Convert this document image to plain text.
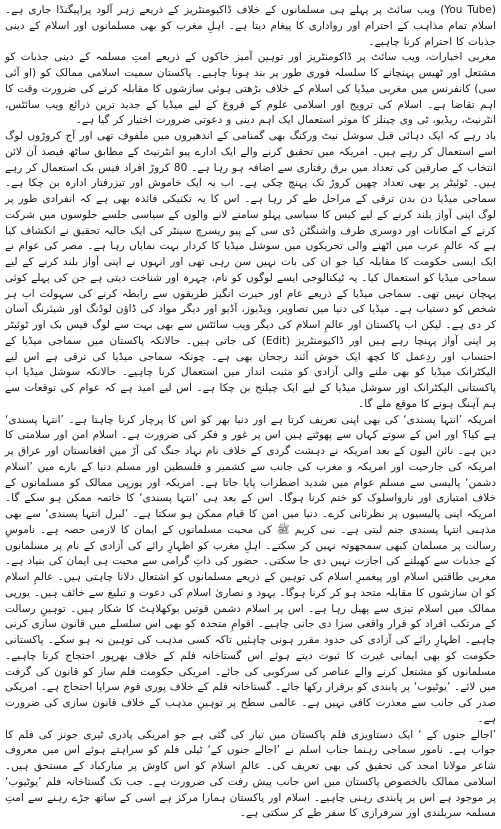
(You Tube) ویب سائٹ پر پہلے ہی مسلمانوں کے خلاف ڈاکیومنٹریز کے ذریعے زہر آلود پراپیگنڈا جاری ہے۔ اسلام تمام مذاہب کے احترام اور رواداری کا پیغام دیتا ہے۔ اہلِ مغرب کو بھی مسلمانوں اور اسلام کے دینی جذبات کا احترام کرنا چاہیے۔

مغربی اخبارات، ویب سائٹ پر ڈاکومنٹریز اور توہین آمیز خاکوں کے ذریعے امتِ مسلمہ کے دینی جذبات کو مشتعل اور ٹھیس پہنچانے کا سلسلہ فوری طور پر بند ہونا چاہیے۔ پاکستان سمیت اسلامی ممالک کو (او آئی سی) کانفرنس میں مغربی میڈیا کی اسلام کے خلاف بڑھتی ہوئی سازشوں کا مقابلہ کرنے کی ضرورت وقت کا اہم تقاضا ہے۔ اسلام کی ترویج اور اسلامی علوم کے فروغ کے لیے میڈیا کے جدید ترین ذرائع ویب سائٹس، انٹرنیٹ، ریڈیو، ٹی وی چینلز کا موثر استعمال ایک اہم دینی و دعوتی ضرورت اختیار کر گیا ہے۔

یاد رہے کہ ایک دہائی قبل سوشل نیٹ ورکنگ بھی گمنامی کے اندھیروں میں ملفوف تھی اور آج کروڑوں لوگ اسے استعمال کر رہے ہیں۔ امریکہ میں تحقیق کرنے والے ایک ادارے پیو انٹرنیٹ کے مطابق ساٹھ فیصد آن لائن انتخاب کے صارفین کی تعداد میں برق رفتاری سے اضافہ ہو رہا ہے۔ 80 کروڑ افراد فیس بک استعمال کر رہے ہیں۔ ٹوئیٹر پر بھی تعداد چھپن کروڑ تک پہنچ چکی ہے۔ اب یہ ایک خاموش اور تیزرفتار ادارہ بن چکا ہے۔ سماجی میڈیا دن بدن ترقی کے مراحل طے کر رہا ہے۔ اس کا یہ تکنیکی فائدہ بھی ہے کہ انفرادی طور پر لوگ اپنی آواز بلند کرنے کے لیے کیس کا سیاسی پہلو سامنے لانے والوں کے سیاسی جلسے جلوسوں میں شرکت کرنے کے امکانات اور دوسری طرف واشنگٹن ڈی سی کے پیو ریسرچ سینٹر کی ایک حالیہ تحقیق نے انکشاف کیا ہے کہ عالمِ عرب میں اٹھنے والی تحریکوں میں سوشل میڈیا کا کردار بہت نمایاں رہا ہے۔ مصر کی عوام نے ایک ایسی حکومت کا مقابلہ کیا جو ان کی بات نہیں سن رہی تھی اور انہوں نے اپنی آواز بلند کرنے کے لیے سماجی میڈیا کو استعمال کیا۔ یہ ٹیکنالوجی ایسے لوگوں کو نام، چہرہ اور شناخت دیتی ہے جن کی پہلے کوئی پہچان نہیں تھی۔ سماجی میڈیا کے ذریعے عام اور حیرت انگیز طریقوں سے رابطہ کرنے کی سہولت اب ہر شخص کو دستیاب ہے۔ میڈیا کی دنیا میں تصاویر، ویڈیوز، آڈیو اور دیگر مواد کی ڈاؤن لوڈنگ اور شیئرنگ آسان کر دی ہے۔ لیکن اب پاکستان اور عالمِ اسلام کی دیگر ویب سائٹس سے بھی بہت سے لوگ فیس بک اور ٹوئیٹر پر اپنی آواز پہنچا رہے ہیں اور ڈاکیومنٹریز (Edit) کی جاتی ہیں۔ حالانکہ پاکستان میں سماجی میڈیا کے احتساب اور ردِعمل کا کچھ ایک خوش آئند رجحان بھی ہے۔ چونکہ سماجی میڈیا کی ترقی ہے اس لیے الیکٹرانک میڈیا کو بھی ملنے والی آزادی کو مثبت انداز میں استعمال کرنا چاہیے۔ حالانکہ سوشل میڈیا اب پاکستانی الیکٹرانک اور سوشل میڈیا کے لیے ایک چیلنج بن چکا ہے۔ اس لیے امید ہے کہ عوام کی توقعات سے ہم آہنگ ہونے کا موقع ملے گا۔

امریکہ ’انتہا پسندی‘ کی بھی اپنی تعریف کرتا ہے اور دنیا بھر کو اس کا پرچار کرنا چاہتا ہے۔ ’انتہا پسندی‘ ہے کیا؟ اور اس کے سوتے کہاں سے پھوٹتے ہیں اس پر غور و فکر کی ضرورت ہے۔ اسلام امن اور سلامتی کا دین ہے۔ نائن الیون کے بعد امریکہ نے دہشت گردی کے خلاف نام نہاد جنگ کی آڑ میں افغانستان اور عراق پر امریکہ کی جارحیت اور امریکہ و مغرب کی جانب سے کشمیر و فلسطین اور مسلم دنیا کے بارے میں ’اسلام دشمن‘ پالیسی سے مسلم عوام میں شدید اضطراب پایا جاتا ہے۔ امریکہ اور یورپی ممالک کو مسلمانوں کے خلاف امتیازی اور نارواسلوک کو ختم کرنا ہوگا۔ اس کے بعد ہی ’انتہا پسندی‘ کا خاتمہ ممکن ہو سکے گا۔ امریکہ اپنی پالیسیوں پر نظرثانی کرے۔ دنیا میں امن کا قیام ممکن ہو سکتا ہے۔ ’لبرل انتہا پسندی‘ سے بھی مذہبی انتہا پسندی جنم لیتی ہے۔ نبی کریم ﷺ کی محبت مسلمانوں کے ایمان کا لازمی حصہ ہے۔ ناموسِ رسالت پر مسلمان کبھی سمجھوتہ نہیں کر سکتے۔ اہلِ مغرب کو اظہارِ رائے کی آزادی کے نام پر مسلمانوں کے جذبات سے کھیلنے کی اجازت نہیں دی جا سکتی۔ حضور کی ذاتِ گرامی سے محبت ہی ایمان کی بنیاد ہے۔ مغربی طاقتیں اسلام اور پیغمبرِ اسلام کی توہین کے ذریعے مسلمانوں کو اشتعال دلانا چاہتی ہیں۔ عالمِ اسلام کو ان سازشوں کا مقابلہ متحد ہو کر کرنا ہوگا۔ یہود و نصاریٰ اسلام کی دعوت و تبلیغ سے خائف ہیں۔ یورپی ممالک میں اسلام تیزی سے پھیل رہا ہے۔ اس پر اسلام دشمن قوتیں بوکھلاہٹ کا شکار ہیں۔ توہینِ رسالت کے مرتکب افراد کو قرار واقعی سزا دی جانی چاہیے۔ اقوامِ متحدہ کو بھی اس سلسلے میں قانون سازی کرنی چاہیے۔ اظہارِ رائے کی آزادی کی حدود مقرر ہونی چاہئیں تاکہ کسی مذہب کی توہین نہ ہو سکے۔ پاکستانی حکومت کو بھی ایمانی غیرت کا ثبوت دیتے ہوئے اس گستاخانہ فلم کے خلاف بھرپور احتجاج کرنا چاہیے۔ مسلمانوں کو مشتعل کرنے والے عناصر کی سرکوبی کی جائے۔ امریکی حکومت فلم ساز کو قانون کی گرفت میں لائے۔ ’یوٹیوب‘ پر پابندی کو برقرار رکھا جائے۔ گستاخانہ فلم کے خلاف پوری قوم سراپا احتجاج ہے۔ امریکی صدر کی جانب سے معذرت کافی نہیں ہے۔ عالمی سطح پر توہینِ مذہب کے خلاف قانون سازی کی ضرورت ہے۔

’اجالے جنوں کے ‘ ایک دستاویزی فلم پاکستان میں تیار کی گئی ہے جو امریکی پادری ٹیری جونز کی فلم کا جواب ہے۔ نامور سماجی رہنما جناب اسلم نے ’اجالے جنوں کے‘ ٹیلی فلم کو سراہتے ہوئے اس میں معروف شاعر مولانا امجد کی تحقیق کی بھی تعریف کی۔ عالمِ اسلام کو اس کاوش پر مبارکباد کے مستحق ہیں۔ اسلامی ممالک بالخصوص پاکستان میں اس جانب پیش رفت کی ضرورت ہے۔ جب تک گستاخانہ فلم ’یوٹیوب‘ پر موجود ہے اس پر پابندی رہنی چاہیے۔ اسلام اور پاکستان ہمارا مرکز ہے اسی کے ساتھ جڑے رہنے سے امتِ مسلمہ سربلندی اور سرفرازی کا سفر طے کر سکتی ہے۔
